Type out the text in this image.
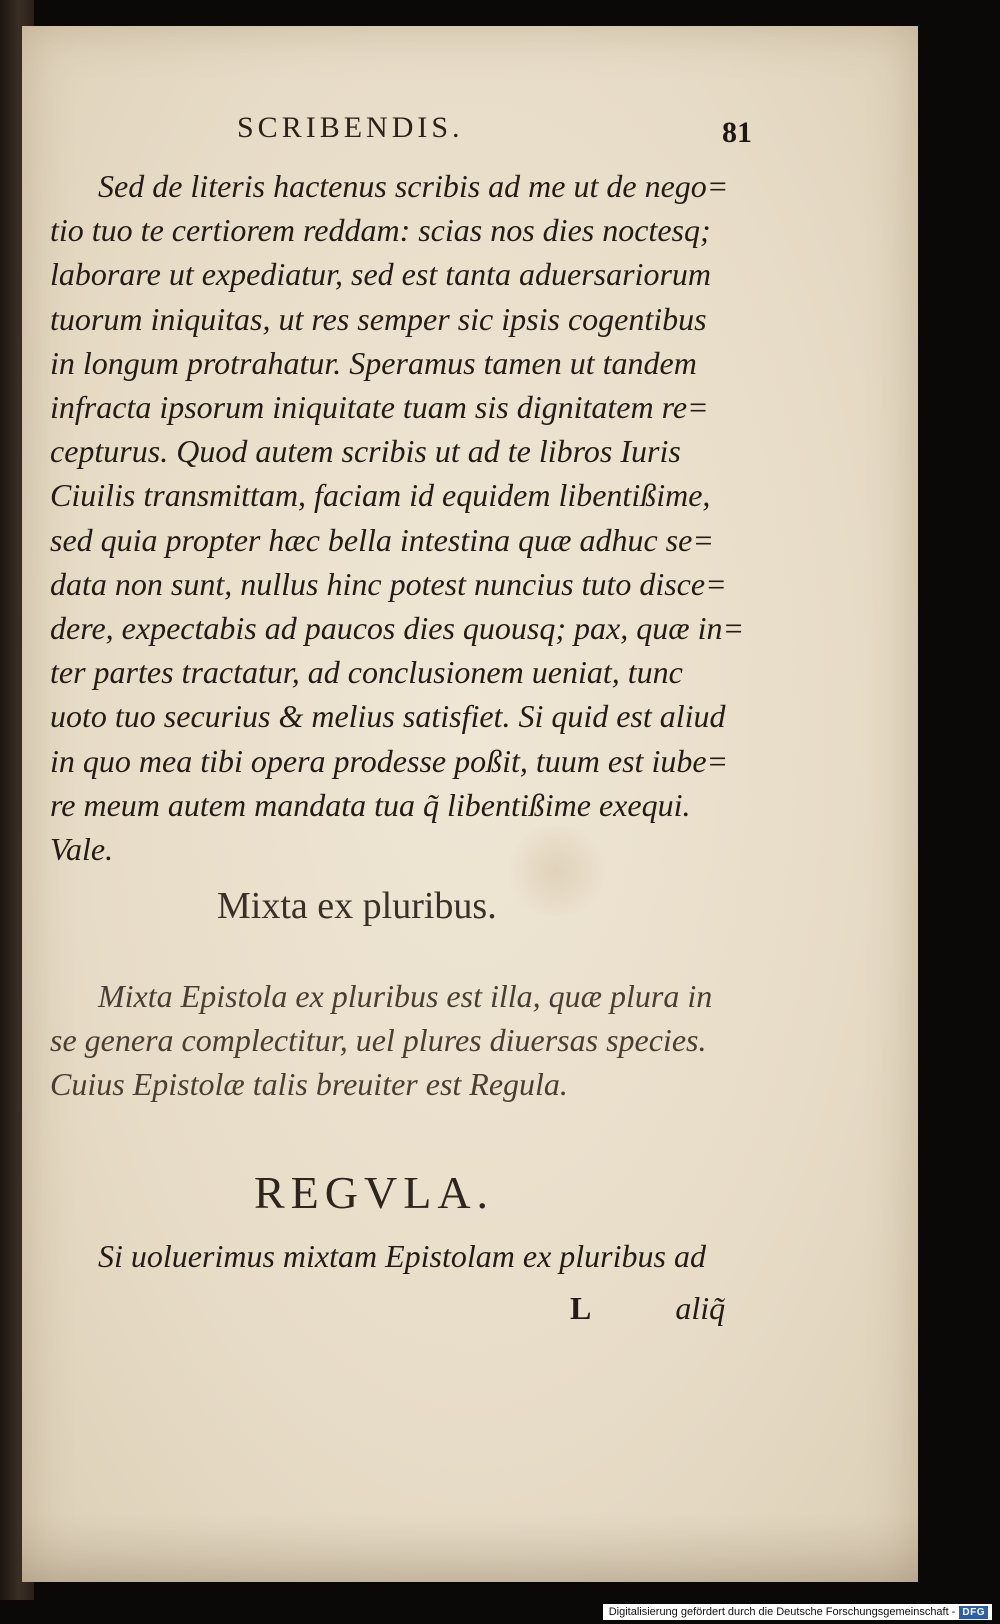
SCRIBENDIS.	81
Sed de literis hactenus scribis ad me ut de nego=
tio tuo te certiorem reddam: scias nos dies noctesq;
laborare ut expediatur, sed est tanta aduersariorum
tuorum iniquitas, ut res semper sic ipsis cogentibus
in longum protrahatur. Speramus tamen ut tandem
infracta ipsorum iniquitate tuam sis dignitatem re=
cepturus. Quod autem scribis ut ad te libros Iuris
Ciuilis transmittam, faciam id equidem libentißime,
sed quia propter hæc bella intestina quæ adhuc se=
data non sunt, nullus hinc potest nuncius tuto disce=
dere, expectabis ad paucos dies quousq; pax, quæ in=
ter partes tractatur, ad conclusionem ueniat, tunc
uoto tuo securius & melius satisfiet. Si quid est aliud
in quo mea tibi opera prodesse poßit, tuum est iube=
re meum autem mandata tua q̃ libentißime exequi.
Vale.
Mixta ex pluribus.
Mixta Epistola ex pluribus est illa, quæ plura in
se genera complectitur, uel plures diuersas species.
Cuius Epistolæ talis breuiter est Regula.
REGVLA.
Si uoluerimus mixtam Epistolam ex pluribus ad
L	aliq̃
Digitalisierung gefördert durch die Deutsche Forschungsgemeinschaft - DFG
